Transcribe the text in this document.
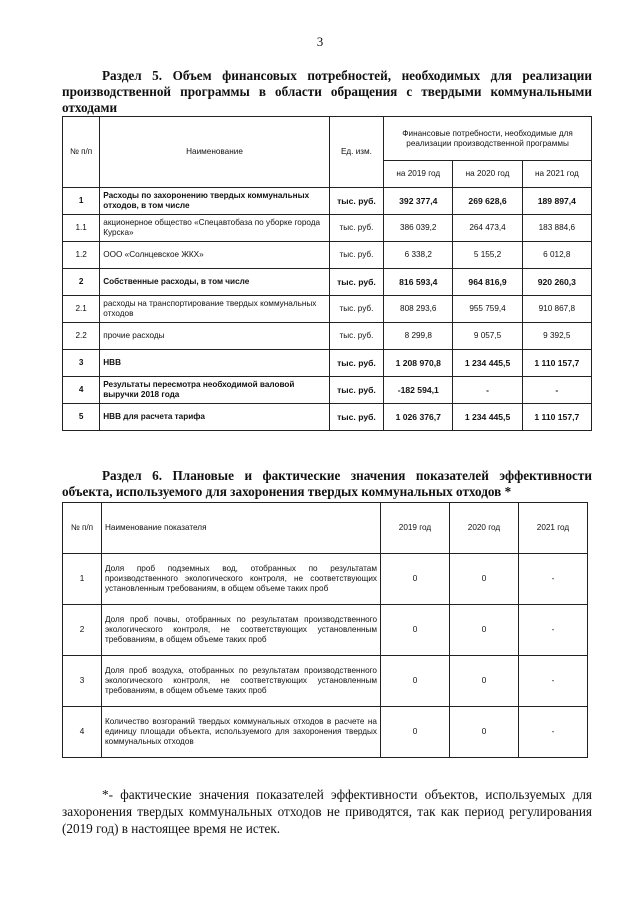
3
Раздел 5. Объем финансовых потребностей, необходимых для реализации производственной программы в области обращения с твердыми коммунальными отходами
№ п/п	Наименование	Ед. изм.	Финансовые потребности, необходимые для реализации производственной программы		
			на 2019 год	на 2020 год	на 2021 год
1	Расходы по захоронению твердых коммунальных отходов, в том числе	тыс. руб.	392 377,4	269 628,6	189 897,4
1.1	акционерное общество «Спецавтобаза по уборке города Курска»	тыс. руб.	386 039,2	264 473,4	183 884,6
1.2	ООО «Солнцевское ЖКХ»	тыс. руб.	6 338,2	5 155,2	6 012,8
2	Собственные расходы, в том числе	тыс. руб.	816 593,4	964 816,9	920 260,3
2.1	расходы на транспортирование твердых коммунальных отходов	тыс. руб.	808 293,6	955 759,4	910 867,8
2.2	прочие расходы	тыс. руб.	8 299,8	9 057,5	9 392,5
3	НВВ	тыс. руб.	1 208 970,8	1 234 445,5	1 110 157,7
4	Результаты пересмотра необходимой валовой выручки 2018 года	тыс. руб.	-182 594,1	-	-
5	НВВ для расчета тарифа	тыс. руб.	1 026 376,7	1 234 445,5	1 110 157,7
Раздел 6. Плановые и фактические значения показателей эффективности объекта, используемого для захоронения твердых коммунальных отходов *
№ п/п	Наименование показателя	2019 год	2020 год	2021 год
1	Доля проб подземных вод, отобранных по результатам производственного экологического контроля, не соответствующих установленным требованиям, в общем объеме таких проб	0	0	-
2	Доля проб почвы, отобранных по результатам производственного экологического контроля, не соответствующих установленным требованиям, в общем объеме таких проб	0	0	-
3	Доля проб воздуха, отобранных по результатам производственного экологического контроля, не соответствующих установленным требованиям, в общем объеме таких проб	0	0	-
4	Количество возгораний твердых коммунальных отходов в расчете на единицу площади объекта, используемого для захоронения твердых коммунальных отходов	0	0	-
*- фактические значения показателей эффективности объектов, используемых для захоронения твердых коммунальных отходов не приводятся, так как период регулирования (2019 год) в настоящее время не истек.
